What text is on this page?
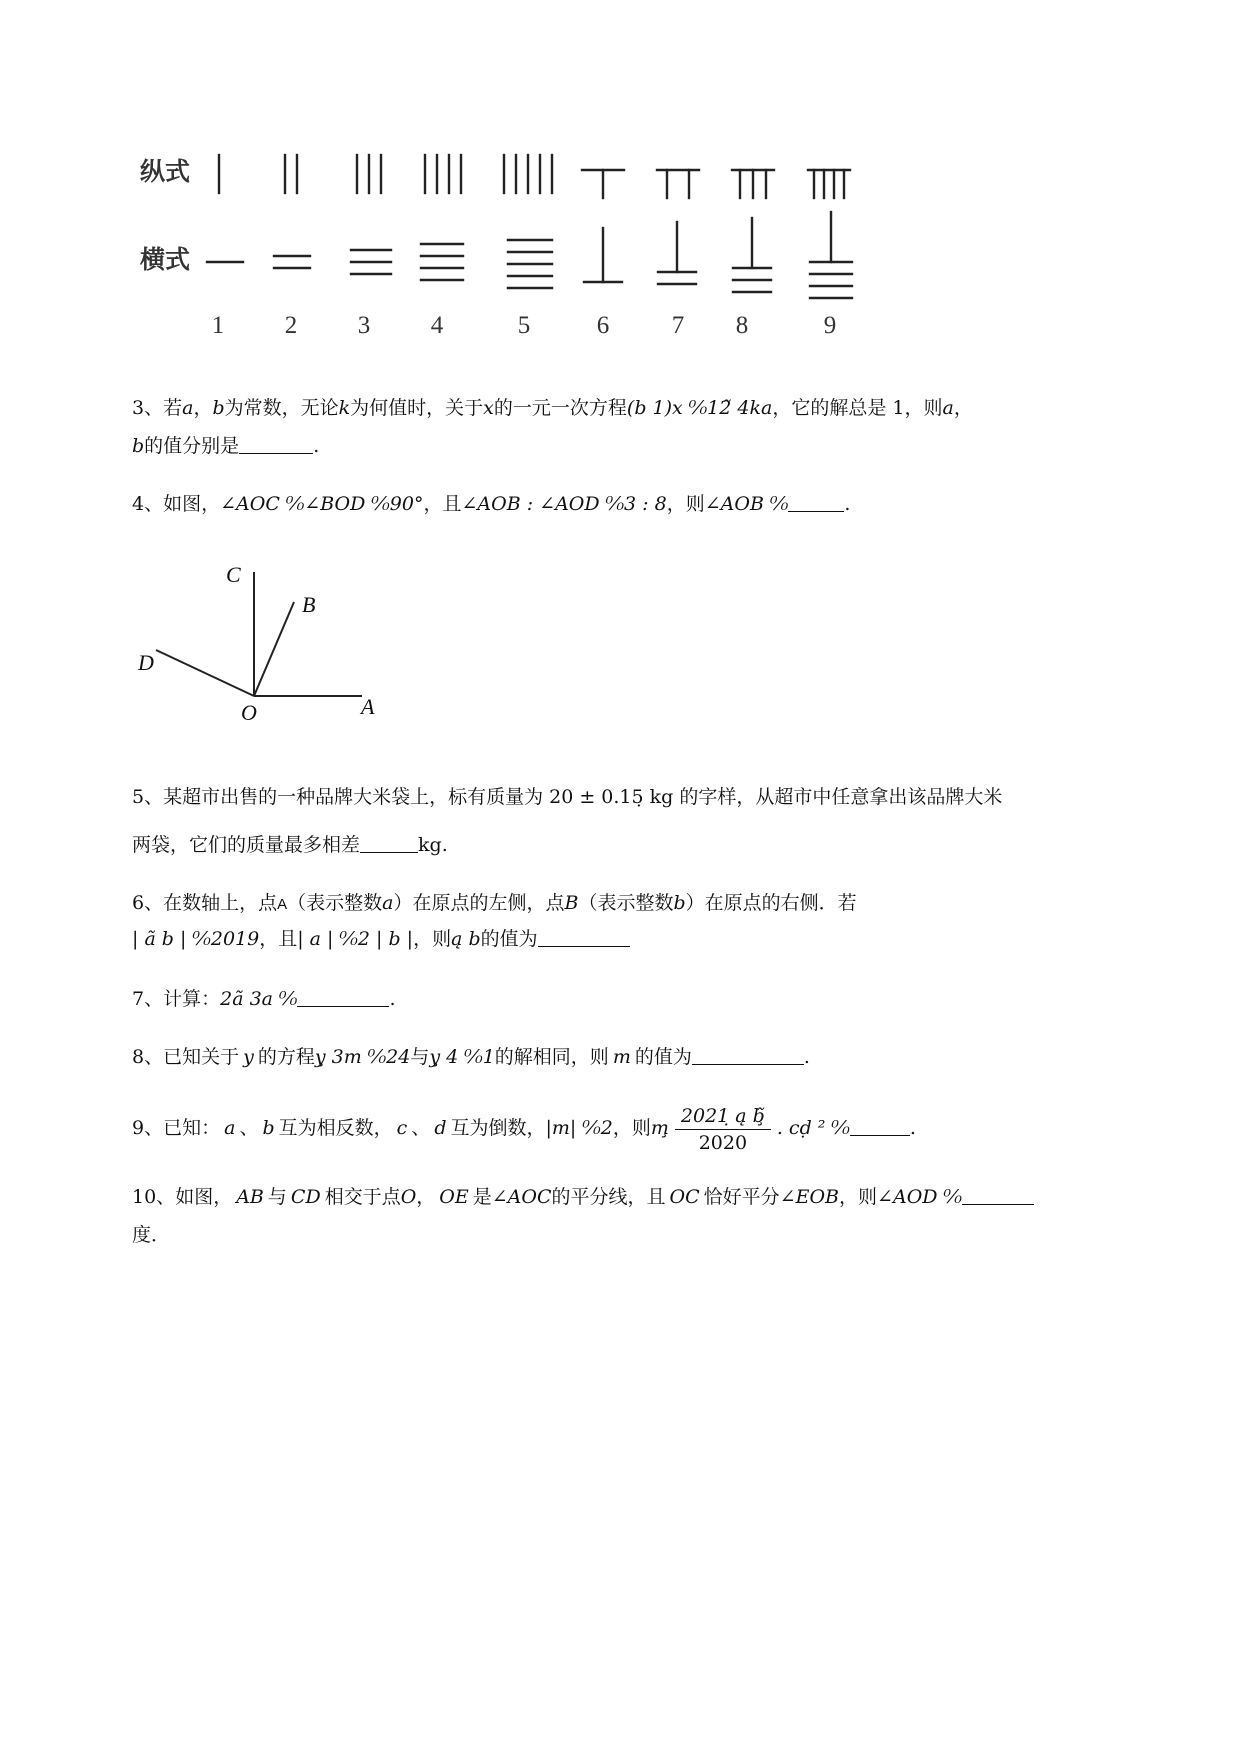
纵式
横式
1	2	3	4	5	6	7	8	9
3、若a，b为常数，无论k为何值时，关于x的一元一次方程(b 1)x ⁰⁄₀12̃ 4ka，它的解总是 1，则a，
b的值分别是	.
4、如图，∠AOC ⁰⁄₀∠BOD ⁰⁄₀90°，且∠AOB : ∠AOD ⁰⁄₀3 : 8，则∠AOB ⁰⁄₀	.
C
B
D
O	A
5、某超市出售的一种品牌大米袋上，标有质量为 20 ± 0.15̣ kg 的字样，从超市中任意拿出该品牌大米
两袋，它们的质量最多相差	kg.
6、在数轴上，点A（表示整数a）在原点的左侧，点B（表示整数b）在原点的右侧．若
| ã b | ⁰⁄₀2019，且| a | ⁰⁄₀2 | b |，则ą b的值为
7、计算：2ã 3a ⁰⁄₀	.
8、已知关于 y 的方程y̧ 3m ⁰⁄₀24与y̧ 4 ⁰⁄₀1的解相同，则 m 的值为	.
9、已知： a 、 b 互为相反数， c 、 d 互为倒数，|m| ⁰⁄₀2，则m̧ $\frac{\text{2021̣ ą b̧̃}}{2020}$ . cḍ ² ⁰⁄₀	.
10、如图， AB 与 CD 相交于点O， OE 是∠AOC的平分线，且 OC 恰好平分∠EOB，则∠AOD ⁰⁄₀
度．
